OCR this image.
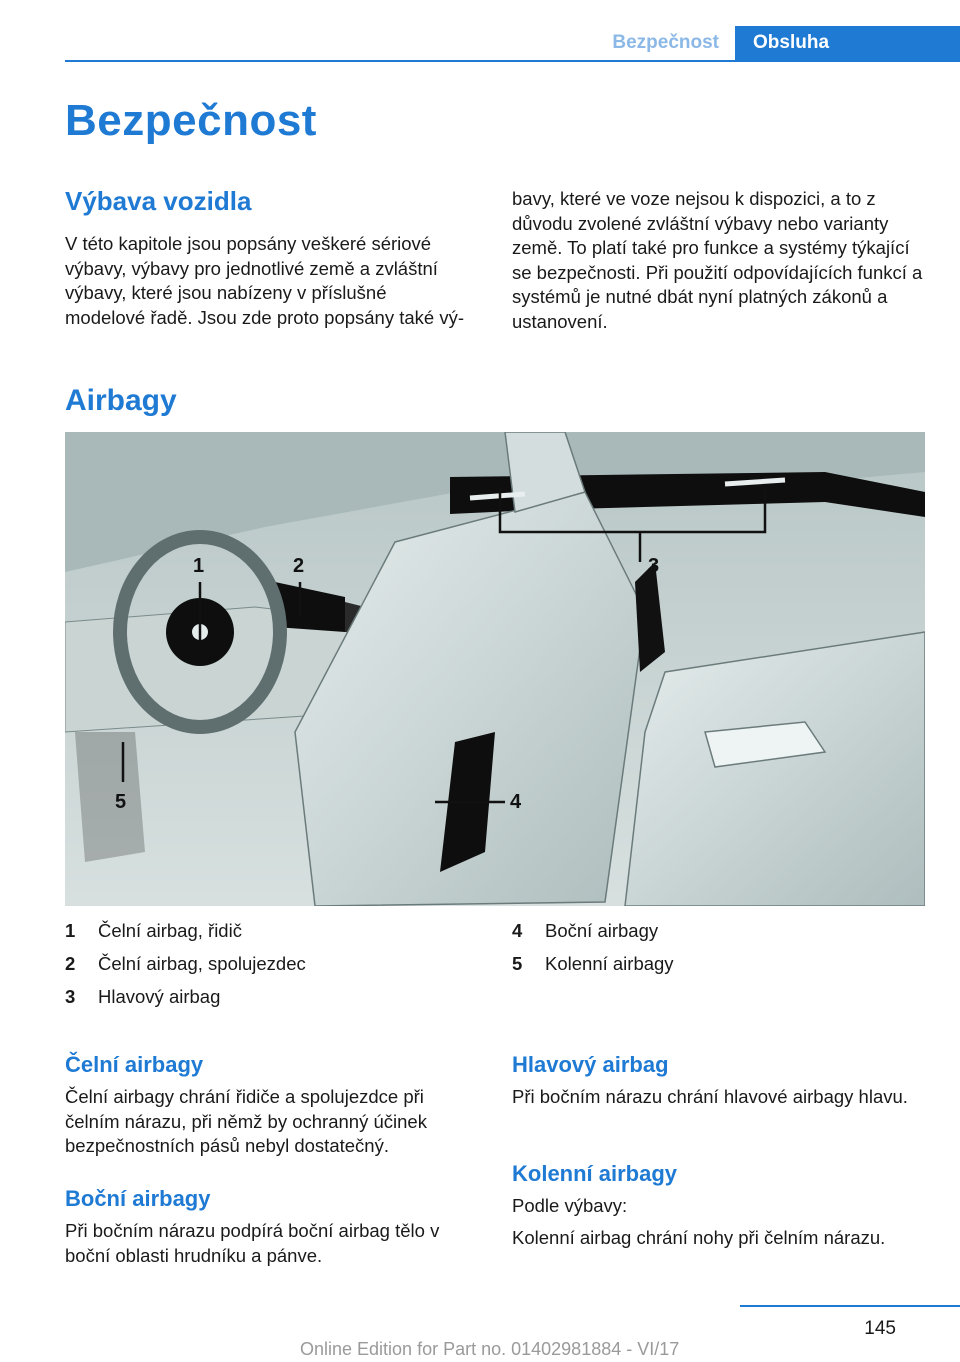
Bezpečnost	Obsluha
Bezpečnost
Výbava vozidla
V této kapitole jsou popsány veškeré sériové výbavy, výbavy pro jednotlivé země a zvláštní výbavy, které jsou nabízeny v příslušné modelové řadě. Jsou zde proto popsány také vý-
bavy, které ve voze nejsou k dispozici, a to z důvodu zvolené zvláštní výbavy nebo varianty země. To platí také pro funkce a systémy týkající se bezpečnosti. Při použití odpovídajících funkcí a systémů je nutné dbát nyní platných zákonů a ustanovení.
Airbagy
1	2	3
4
5
1	Čelní airbag, řidič
2	Čelní airbag, spolujezdec
3	Hlavový airbag
4	Boční airbagy
5	Kolenní airbagy
Čelní airbagy
Čelní airbagy chrání řidiče a spolujezdce při čelním nárazu, při němž by ochranný účinek bezpečnostních pásů nebyl dostatečný.
Boční airbagy
Při bočním nárazu podpírá boční airbag tělo v boční oblasti hrudníku a pánve.
Hlavový airbag
Při bočním nárazu chrání hlavové airbagy hlavu.
Kolenní airbagy
Podle výbavy:
Kolenní airbag chrání nohy při čelním nárazu.
145
Online Edition for Part no. 01402981884 - VI/17
